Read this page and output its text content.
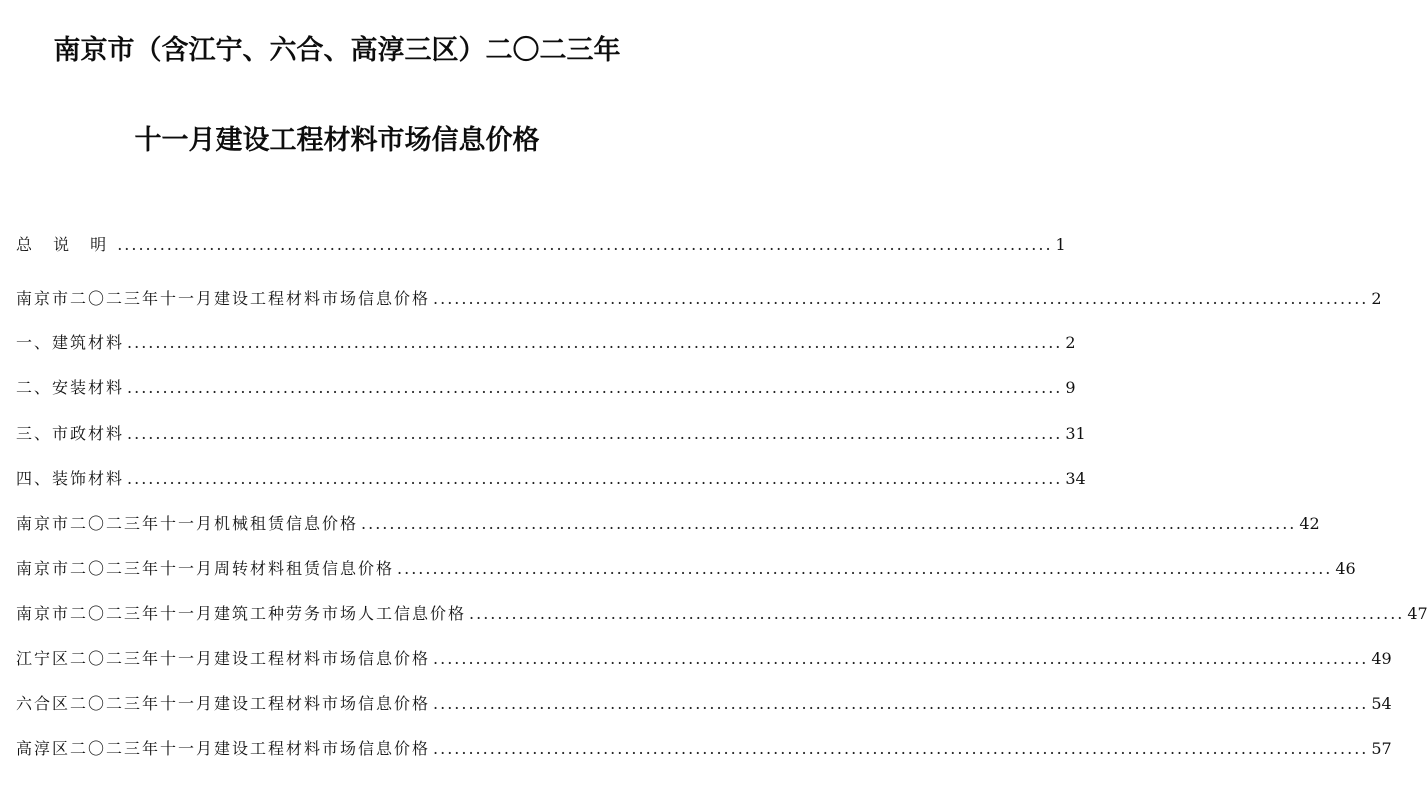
南京市（含江宁、六合、高淳三区）二〇二三年
十一月建设工程材料市场信息价格
总 说 明 .................................................................................................................................... 1
南京市二〇二三年十一月建设工程材料市场信息价格 .................................................................................................................................... 2
一、建筑材料 .................................................................................................................................... 2
二、安装材料 .................................................................................................................................... 9
三、市政材料 .................................................................................................................................... 31
四、装饰材料 .................................................................................................................................... 34
南京市二〇二三年十一月机械租赁信息价格 .................................................................................................................................... 42
南京市二〇二三年十一月周转材料租赁信息价格 .................................................................................................................................... 46
南京市二〇二三年十一月建筑工种劳务市场人工信息价格 .................................................................................................................................... 47
江宁区二〇二三年十一月建设工程材料市场信息价格 .................................................................................................................................... 49
六合区二〇二三年十一月建设工程材料市场信息价格 .................................................................................................................................... 54
高淳区二〇二三年十一月建设工程材料市场信息价格 .................................................................................................................................... 57
